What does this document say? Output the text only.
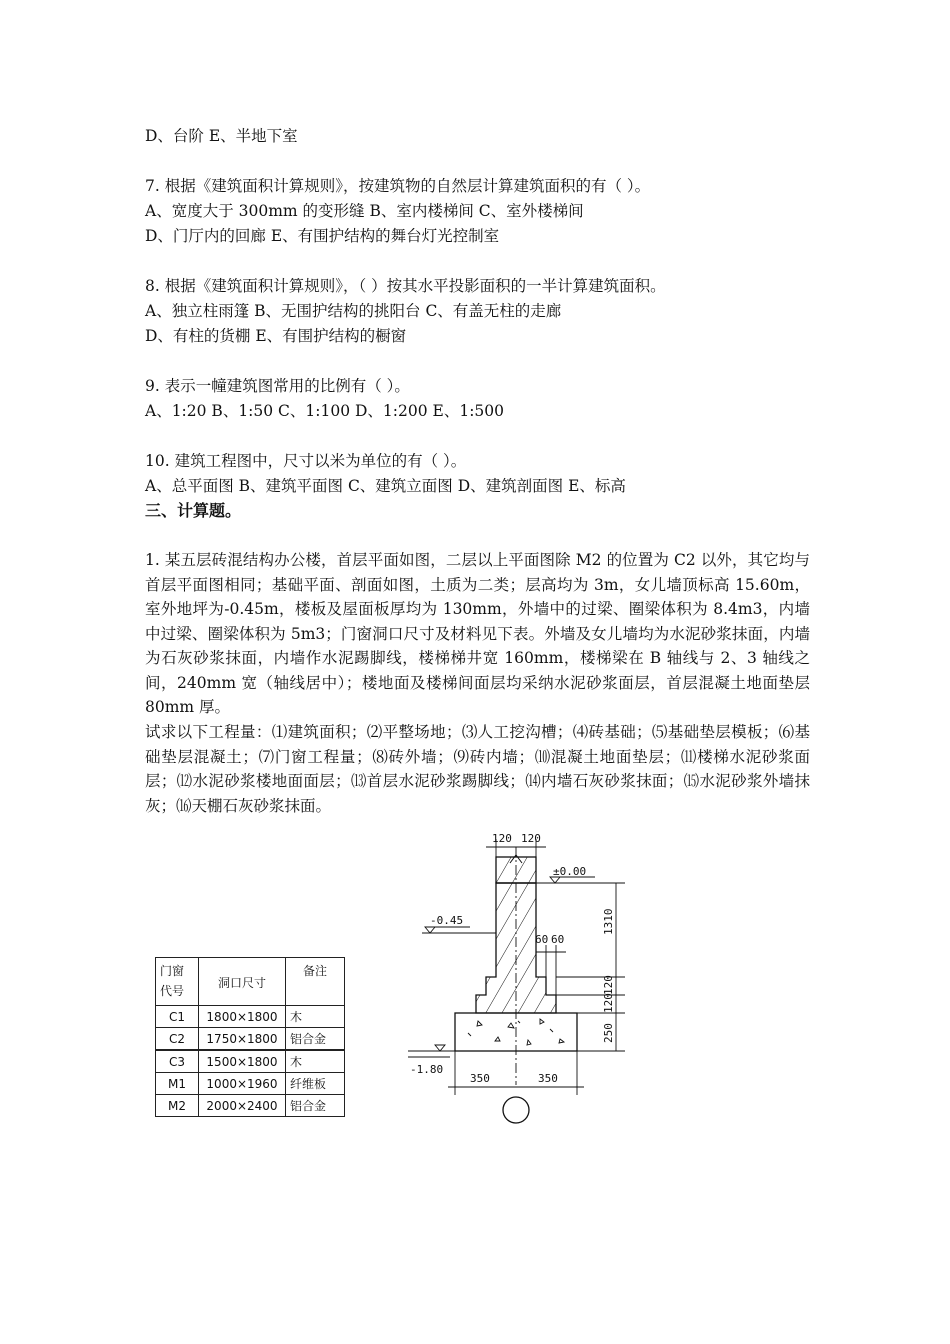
D、台阶 E、半地下室
7. 根据《建筑面积计算规则》，按建筑物的自然层计算建筑面积的有（ ）。
A、宽度大于 300mm 的变形缝 B、室内楼梯间 C、室外楼梯间
D、门厅内的回廊 E、有围护结构的舞台灯光控制室
8. 根据《建筑面积计算规则》，（ ）按其水平投影面积的一半计算建筑面积。
A、独立柱雨篷 B、无围护结构的挑阳台 C、有盖无柱的走廊
D、有柱的货棚 E、有围护结构的橱窗
9. 表示一幢建筑图常用的比例有（ ）。
A、1:20 B、1:50 C、1:100 D、1:200 E、1:500
10. 建筑工程图中，尺寸以米为单位的有（ ）。
A、总平面图 B、建筑平面图 C、建筑立面图 D、建筑剖面图 E、标高
三、计算题。
1. 某五层砖混结构办公楼，首层平面如图，二层以上平面图除 M2 的位置为 C2 以外，其它均与首层平面图相同；基础平面、剖面如图，土质为二类；层高均为 3m，女儿墙顶标高 15.60m，室外地坪为-0.45m，楼板及屋面板厚均为 130mm，外墙中的过梁、圈梁体积为 8.4m3，内墙中过梁、圈梁体积为 5m3；门窗洞口尺寸及材料见下表。外墙及女儿墙均为水泥砂浆抹面，内墙为石灰砂浆抹面，内墙作水泥踢脚线，楼梯梯井宽 160mm，楼梯梁在 B 轴线与 2、3 轴线之间，240mm 宽（轴线居中）；楼地面及楼梯间面层均采纳水泥砂浆面层，首层混凝土地面垫层 80mm 厚。
试求以下工程量：⑴建筑面积；⑵平整场地；⑶人工挖沟槽；⑷砖基础；⑸基础垫层模板；⑹基础垫层混凝土；⑺门窗工程量；⑻砖外墙；⑼砖内墙；⑽混凝土地面垫层；⑾楼梯水泥砂浆面层；⑿水泥砂浆楼地面面层；⒀首层水泥砂浆踢脚线；⒁内墙石灰砂浆抹面；⒂水泥砂浆外墙抹灰；⒃天棚石灰砂浆抹面。
门窗
代号	洞口尺寸	备注
C1	1800×1800	木
C2	1750×1800	铝合金
C3	1500×1800	木
M1	1000×1960	纤维板
M2	2000×2400	铝合金
120 120
±0.00
-0.45
60 60
-1.80
350	350
1310
120
120
250
